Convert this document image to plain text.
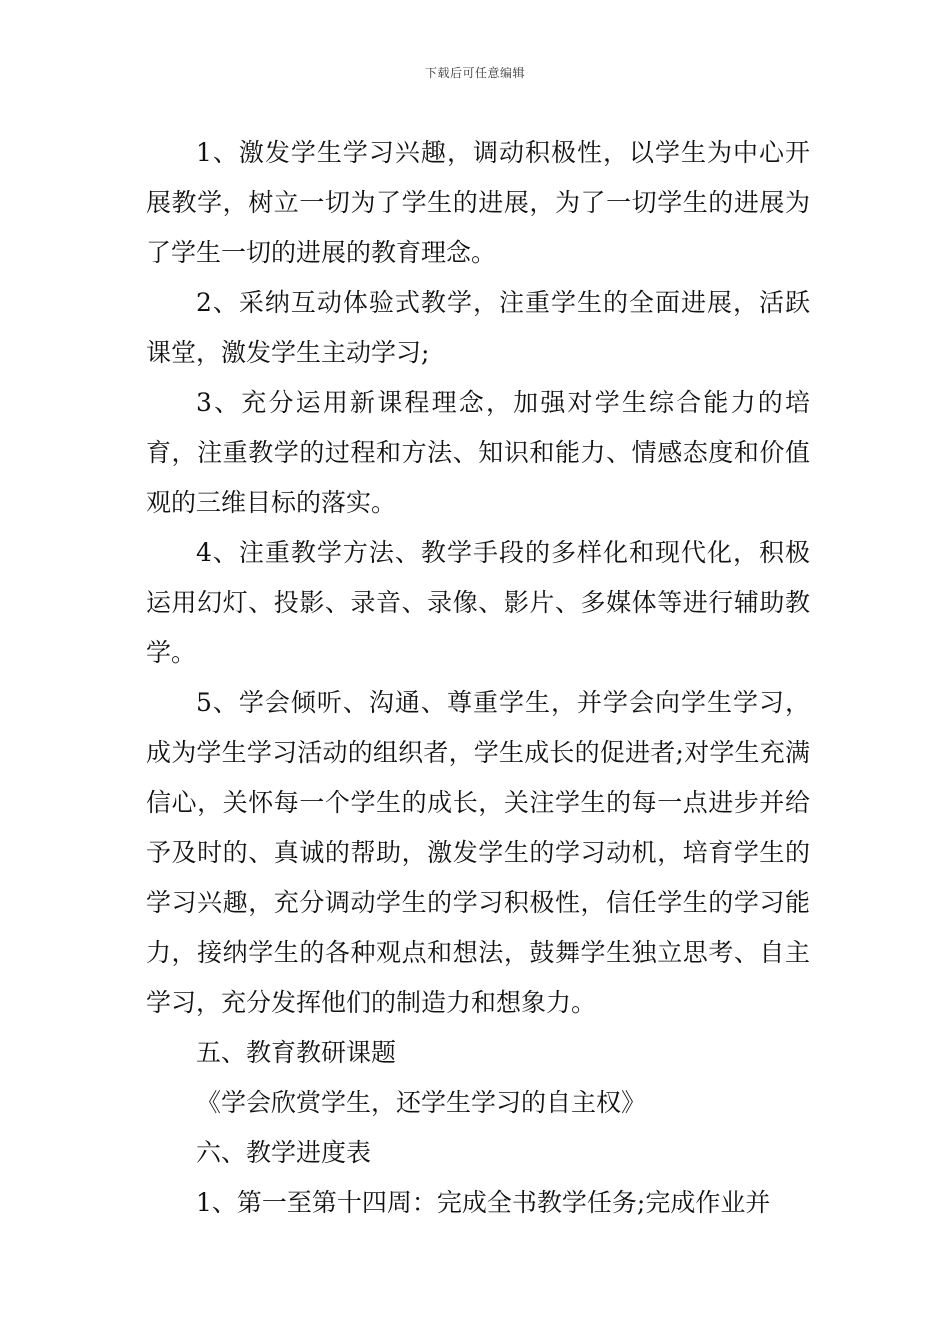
下载后可任意编辑

1、激发学生学习兴趣，调动积极性，以学生为中心开展教学，树立一切为了学生的进展，为了一切学生的进展为了学生一切的进展的教育理念。

2、采纳互动体验式教学，注重学生的全面进展，活跃课堂，激发学生主动学习;

3、充分运用新课程理念，加强对学生综合能力的培育，注重教学的过程和方法、知识和能力、情感态度和价值观的三维目标的落实。

4、注重教学方法、教学手段的多样化和现代化，积极运用幻灯、投影、录音、录像、影片、多媒体等进行辅助教学。

5、学会倾听、沟通、尊重学生，并学会向学生学习，成为学生学习活动的组织者，学生成长的促进者;对学生充满信心，关怀每一个学生的成长，关注学生的每一点进步并给予及时的、真诚的帮助，激发学生的学习动机，培育学生的学习兴趣，充分调动学生的学习积极性，信任学生的学习能力，接纳学生的各种观点和想法，鼓舞学生独立思考、自主学习，充分发挥他们的制造力和想象力。

五、教育教研课题

《学会欣赏学生，还学生学习的自主权》

六、教学进度表

1、第一至第十四周：完成全书教学任务;完成作业并
